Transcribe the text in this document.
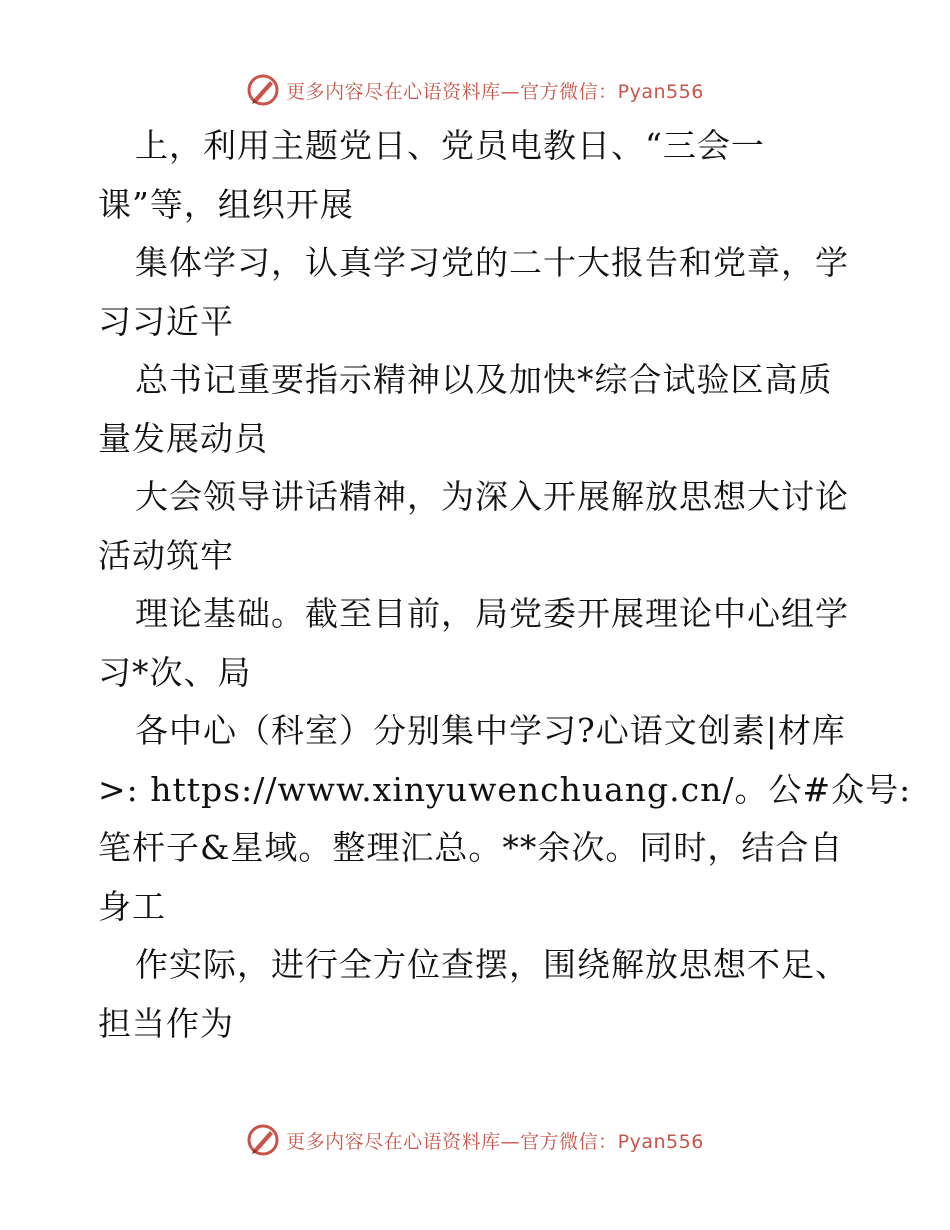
更多内容尽在心语资料库—官方微信：Pyan556
上，利用主题党日、党员电教日、“三会一
课”等，组织开展
集体学习，认真学习党的二十大报告和党章，学
习习近平
总书记重要指示精神以及加快*综合试验区高质
量发展动员
大会领导讲话精神，为深入开展解放思想大讨论
活动筑牢
理论基础。截至目前，局党委开展理论中心组学
习*次、局
各中心（科室）分别集中学习?心语文创素|材库
>: https://www.xinyuwenchuang.cn/。公#众号:
笔杆子&星域。整理汇总。**余次。同时，结合自
身工
作实际，进行全方位查摆，围绕解放思想不足、
担当作为
更多内容尽在心语资料库—官方微信：Pyan556
